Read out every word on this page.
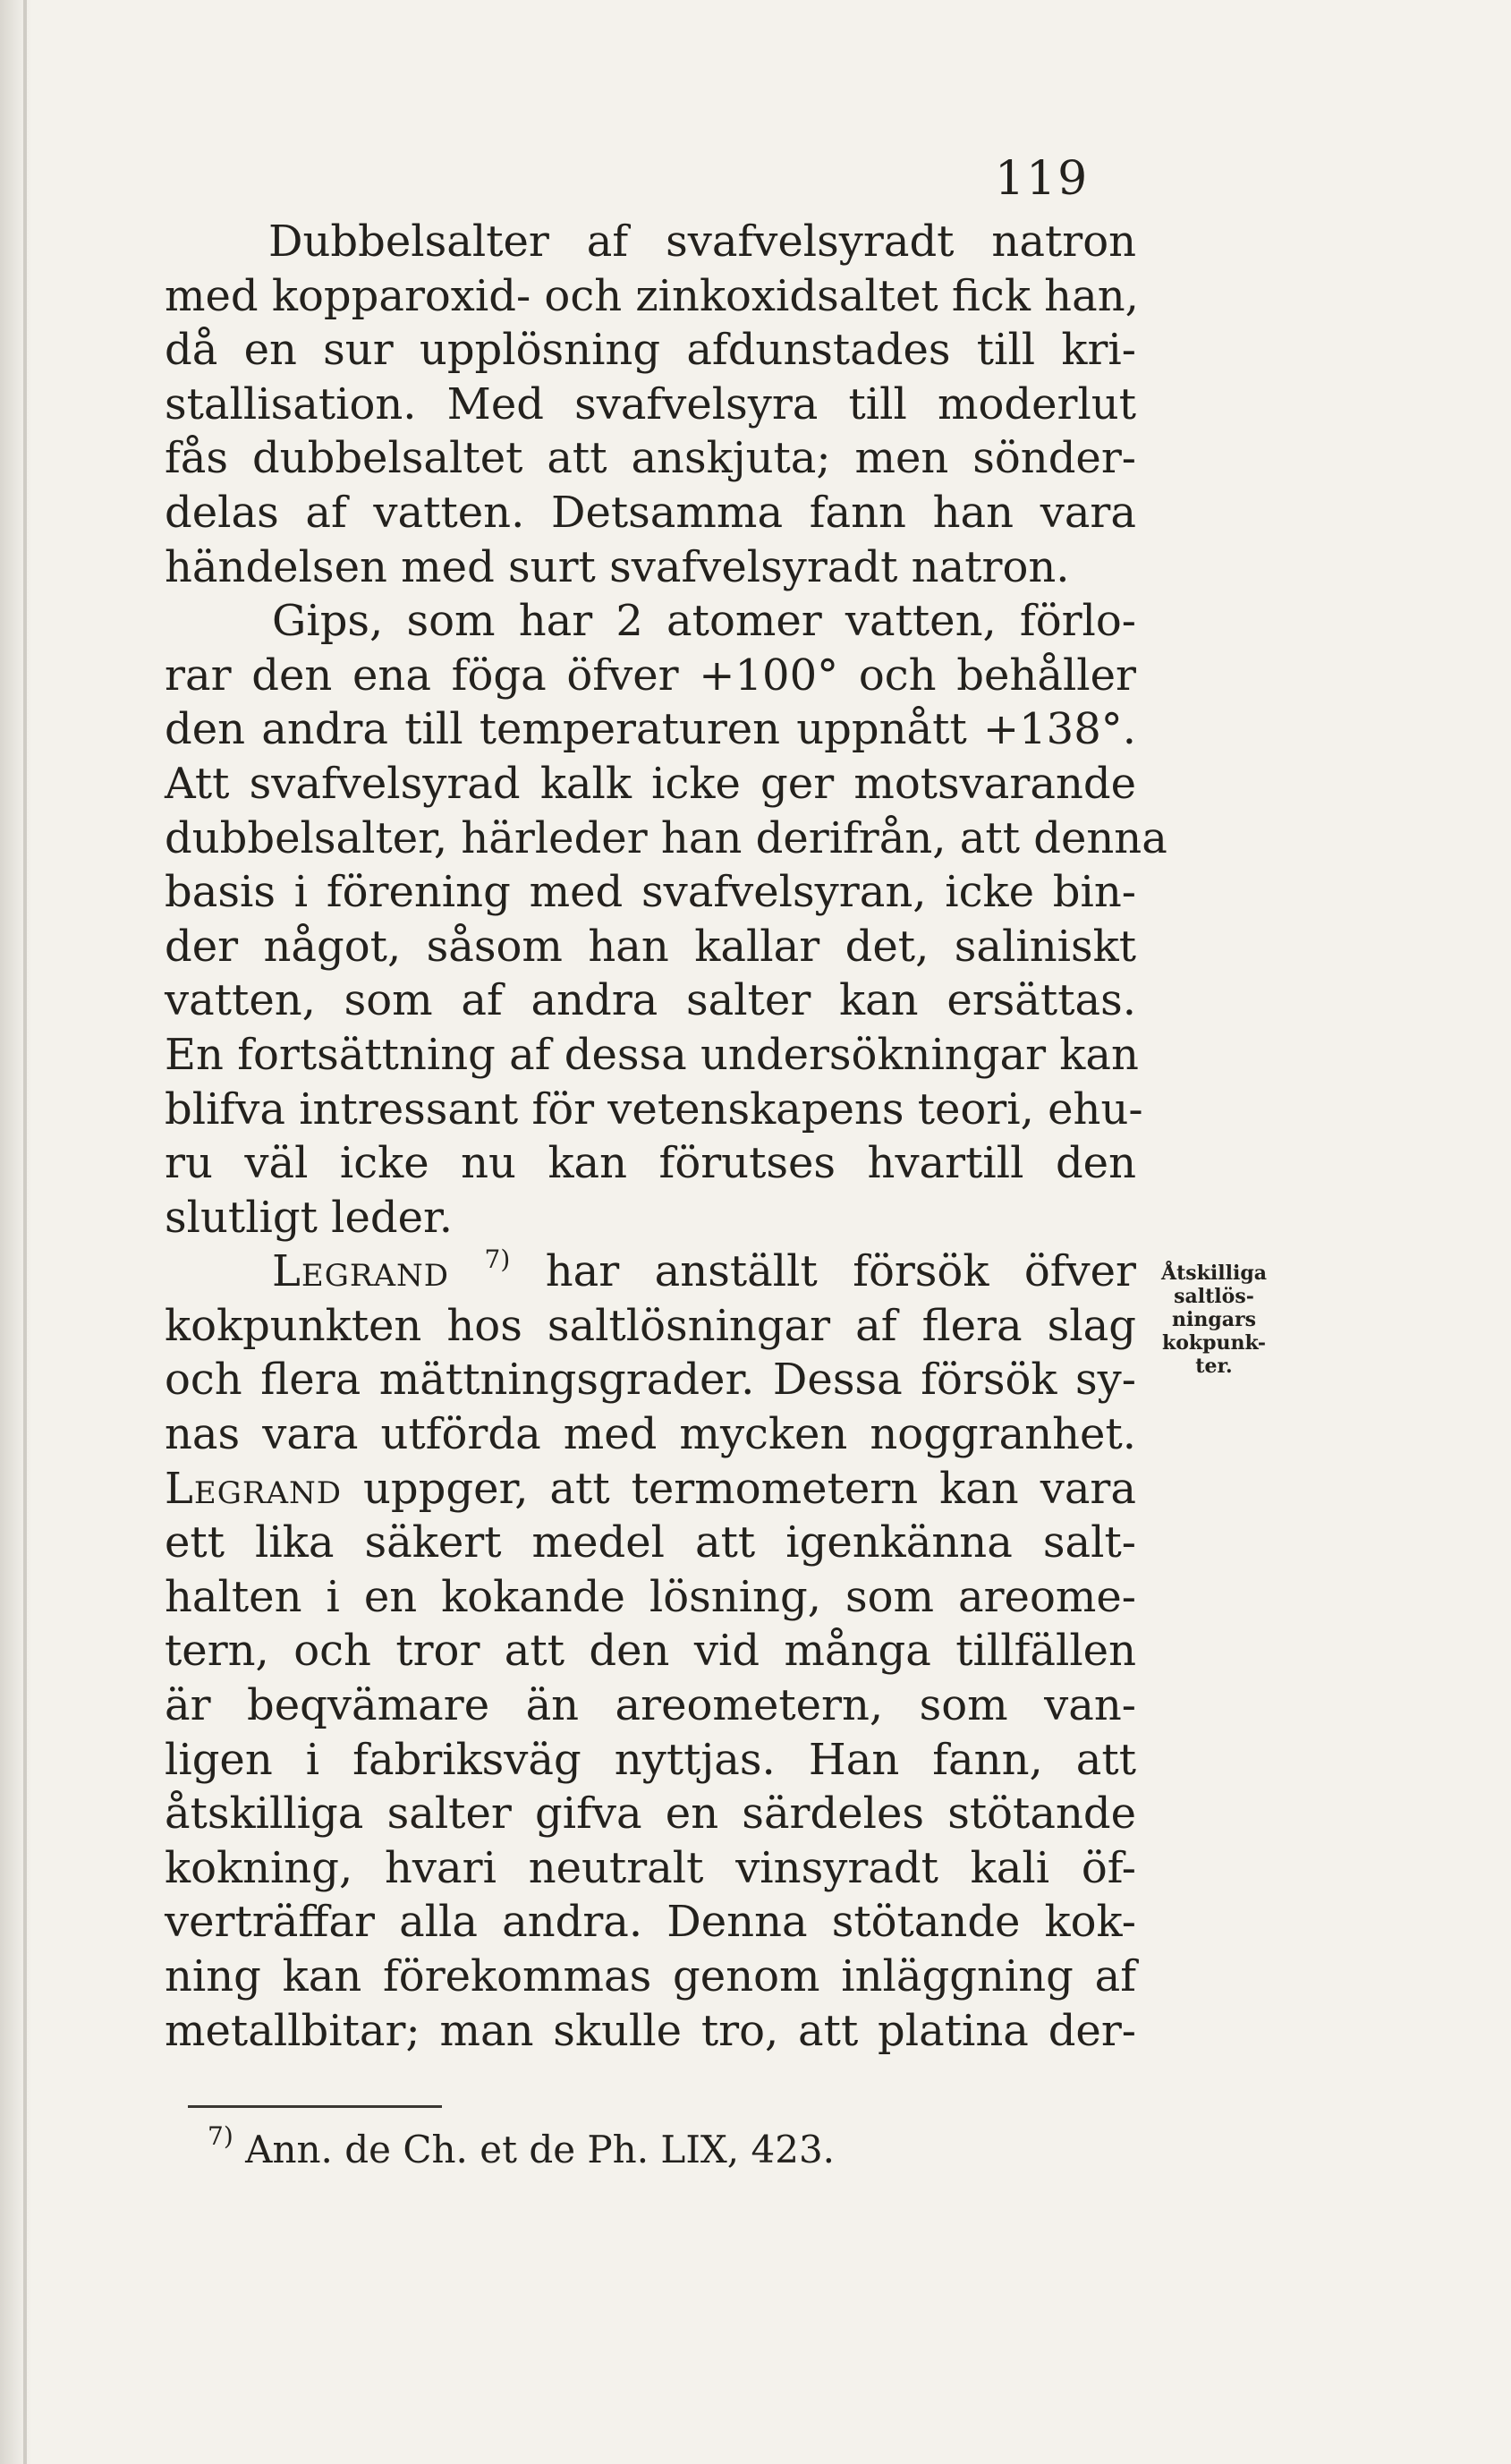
119
Dubbelsalter af svafvelsyradt natron
med kopparoxid- och zinkoxidsaltet fick han,
då en sur upplösning afdunstades till kri-
stallisation. Med svafvelsyra till moderlut
fås dubbelsaltet att anskjuta; men sönder-
delas af vatten. Detsamma fann han vara
händelsen med surt svafvelsyradt natron.
Gips, som har 2 atomer vatten, förlo-
rar den ena föga öfver +100° och behåller
den andra till temperaturen uppnått +138°.
Att svafvelsyrad kalk icke ger motsvarande
dubbelsalter, härleder han derifrån, att denna
basis i förening med svafvelsyran, icke bin-
der något, såsom han kallar det, saliniskt
vatten, som af andra salter kan ersättas.
En fortsättning af dessa undersökningar kan
blifva intressant för vetenskapens teori, ehu-
ru väl icke nu kan förutses hvartill den
slutligt leder.
Legrand $^{7)}$ har anställt försök öfver
kokpunkten hos saltlösningar af flera slag
och flera mättningsgrader. Dessa försök sy-
nas vara utförda med mycken noggranhet.
Legrand uppger, att termometern kan vara
ett lika säkert medel att igenkänna salt-
halten i en kokande lösning, som areome-
tern, och tror att den vid många tillfällen
är beqvämare än areometern, som van-
ligen i fabriksväg nyttjas. Han fann, att
åtskilliga salter gifva en särdeles stötande
kokning, hvari neutralt vinsyradt kali öf-
verträffar alla andra. Denna stötande kok-
ning kan förekommas genom inläggning af
metallbitar; man skulle tro, att platina der-
Åtskilliga
saltlös-
ningars
kokpunk-
ter.
$^{7)}$ Ann. de Ch. et de Ph. LIX, 423.
